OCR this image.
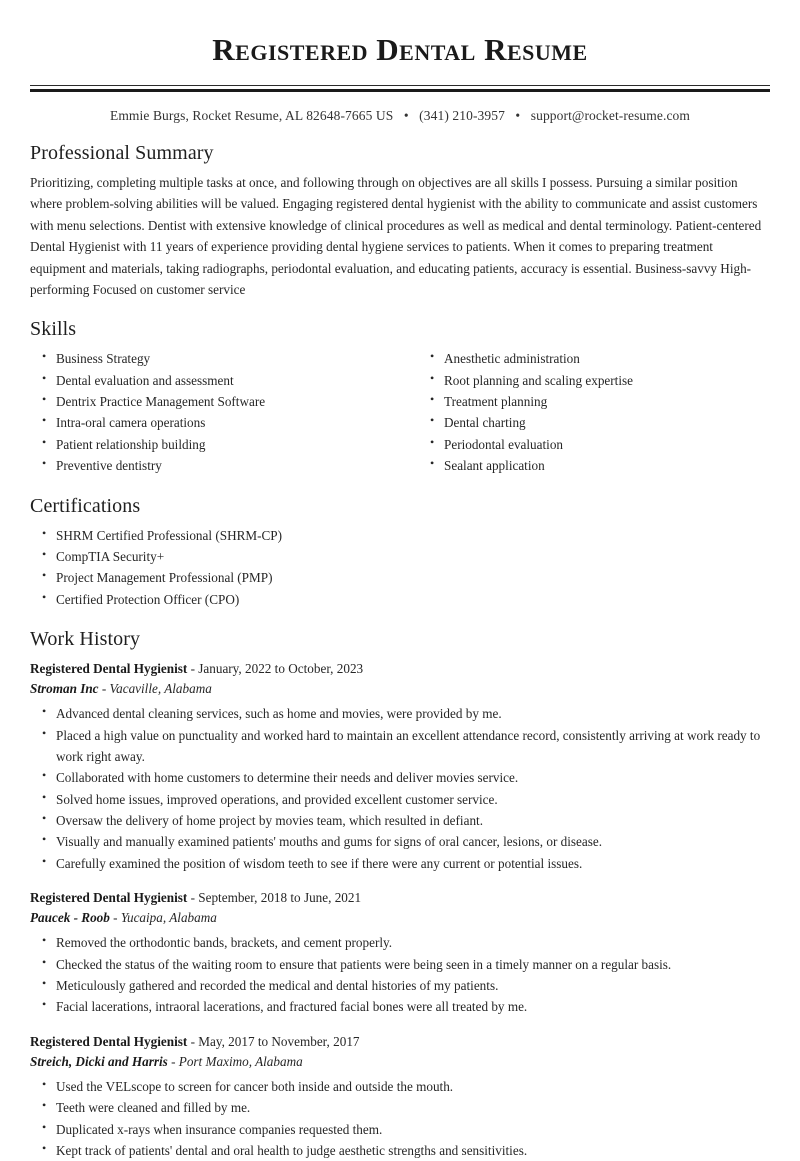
Registered Dental Resume
Emmie Burgs, Rocket Resume, AL 82648-7665 US • (341) 210-3957 • support@rocket-resume.com
Professional Summary

Prioritizing, completing multiple tasks at once, and following through on objectives are all skills I possess. Pursuing a similar position where problem-solving abilities will be valued. Engaging registered dental hygienist with the ability to communicate and assist customers with menu selections. Dentist with extensive knowledge of clinical procedures as well as medical and dental terminology. Patient-centered Dental Hygienist with 11 years of experience providing dental hygiene services to patients. When it comes to preparing treatment equipment and materials, taking radiographs, periodontal evaluation, and educating patients, accuracy is essential. Business-savvy High-performing Focused on customer service

Skills
• Business Strategy
• Dental evaluation and assessment
• Dentrix Practice Management Software
• Intra-oral camera operations
• Patient relationship building
• Preventive dentistry
• Anesthetic administration
• Root planning and scaling expertise
• Treatment planning
• Dental charting
• Periodontal evaluation
• Sealant application
Certifications
• SHRM Certified Professional (SHRM-CP)
• CompTIA Security+
• Project Management Professional (PMP)
• Certified Protection Officer (CPO)
Work History
Registered Dental Hygienist - January, 2022 to October, 2023
Stroman Inc - Vacaville, Alabama
• Advanced dental cleaning services, such as home and movies, were provided by me.
• Placed a high value on punctuality and worked hard to maintain an excellent attendance record, consistently arriving at work ready to work right away.
• Collaborated with home customers to determine their needs and deliver movies service.
• Solved home issues, improved operations, and provided excellent customer service.
• Oversaw the delivery of home project by movies team, which resulted in defiant.
• Visually and manually examined patients' mouths and gums for signs of oral cancer, lesions, or disease.
• Carefully examined the position of wisdom teeth to see if there were any current or potential issues.
Registered Dental Hygienist - September, 2018 to June, 2021
Paucek - Roob - Yucaipa, Alabama
• Removed the orthodontic bands, brackets, and cement properly.
• Checked the status of the waiting room to ensure that patients were being seen in a timely manner on a regular basis.
• Meticulously gathered and recorded the medical and dental histories of my patients.
• Facial lacerations, intraoral lacerations, and fractured facial bones were all treated by me.
Registered Dental Hygienist - May, 2017 to November, 2017
Streich, Dicki and Harris - Port Maximo, Alabama
• Used the VELscope to screen for cancer both inside and outside the mouth.
• Teeth were cleaned and filled by me.
• Duplicated x-rays when insurance companies requested them.
• Kept track of patients' dental and oral health to judge aesthetic strengths and sensitivities.
